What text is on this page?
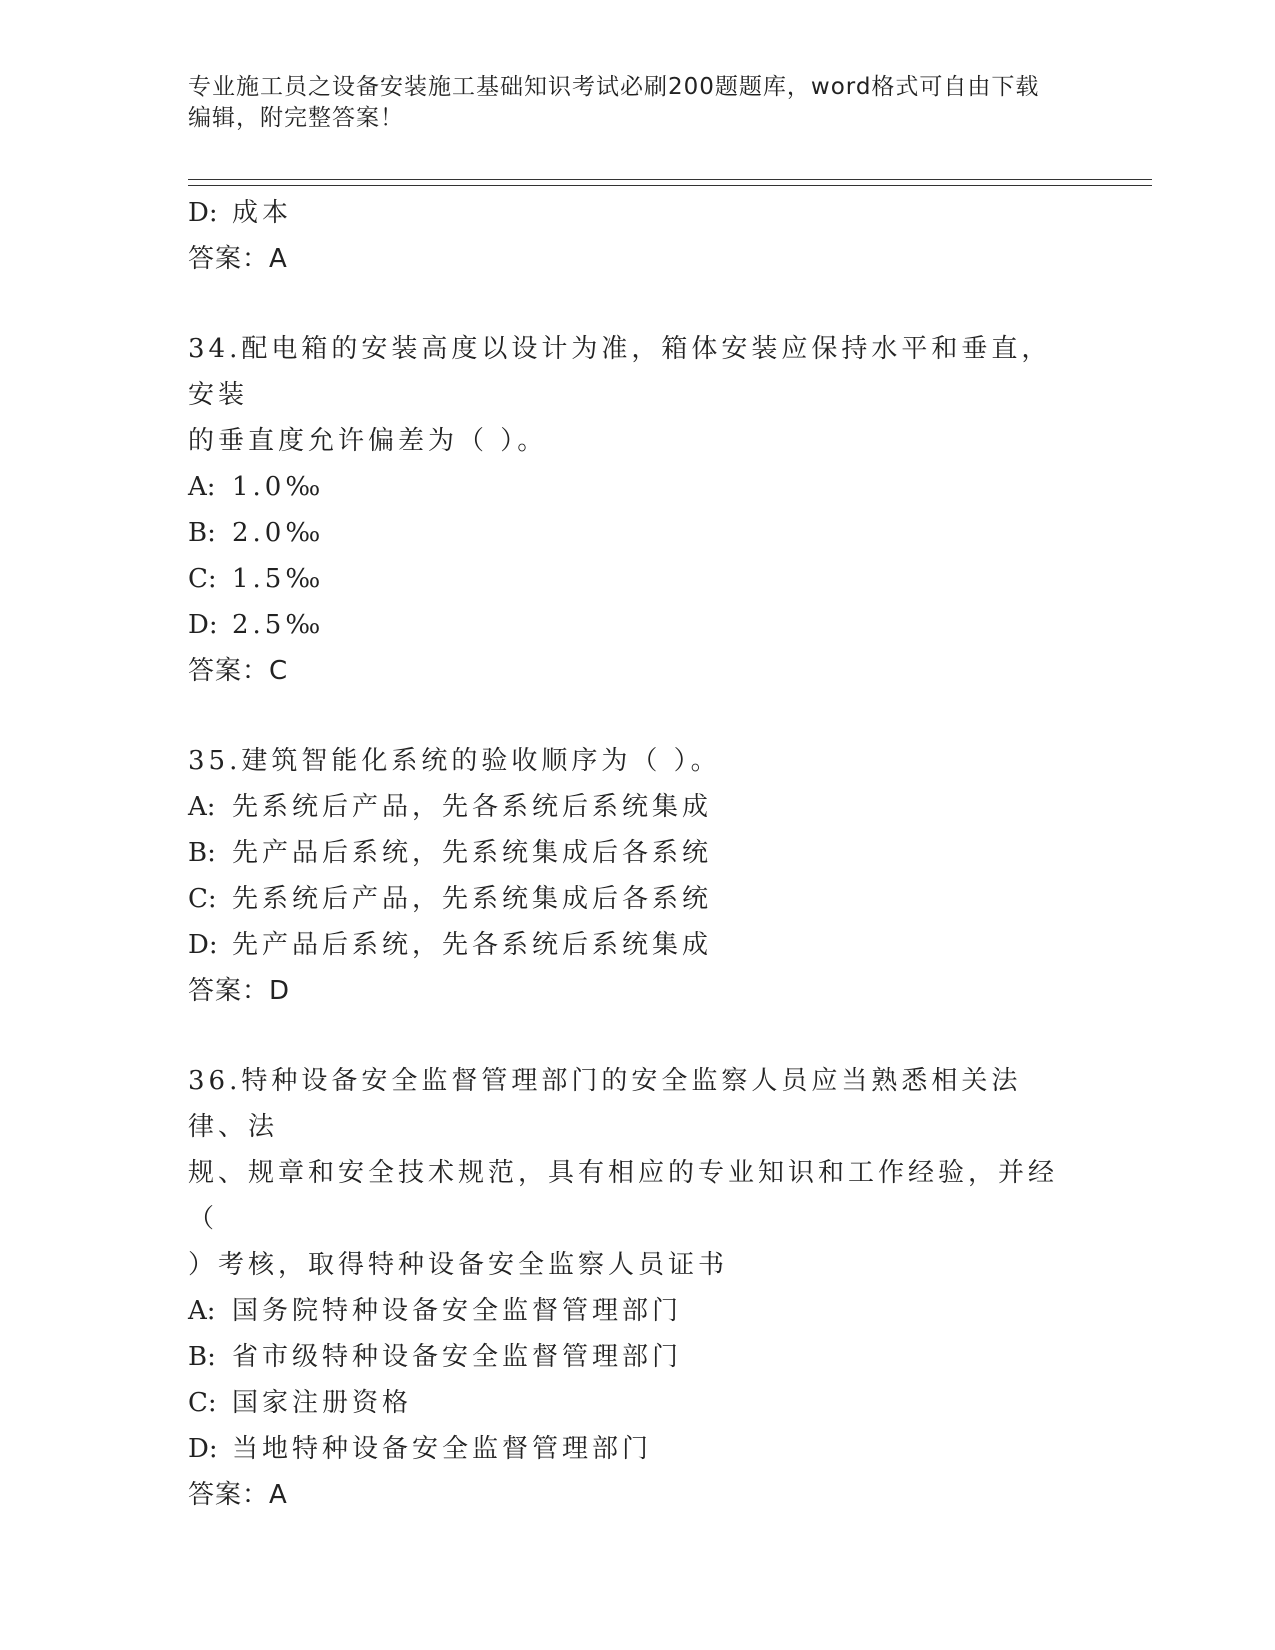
专业施工员之设备安装施工基础知识考试必刷200题题库，word格式可自由下载
编辑，附完整答案！
D: 成本
答案：A
34.配电箱的安装高度以设计为准，箱体安装应保持水平和垂直，安装
的垂直度允许偏差为（ ）。
A: 1.0‰
B: 2.0‰
C: 1.5‰
D: 2.5‰
答案：C
35.建筑智能化系统的验收顺序为（ ）。
A: 先系统后产品，先各系统后系统集成
B: 先产品后系统，先系统集成后各系统
C: 先系统后产品，先系统集成后各系统
D: 先产品后系统，先各系统后系统集成
答案：D
36.特种设备安全监督管理部门的安全监察人员应当熟悉相关法律、法
规、规章和安全技术规范，具有相应的专业知识和工作经验，并经（
）考核，取得特种设备安全监察人员证书
A: 国务院特种设备安全监督管理部门
B: 省市级特种设备安全监督管理部门
C: 国家注册资格
D: 当地特种设备安全监督管理部门
答案：A
